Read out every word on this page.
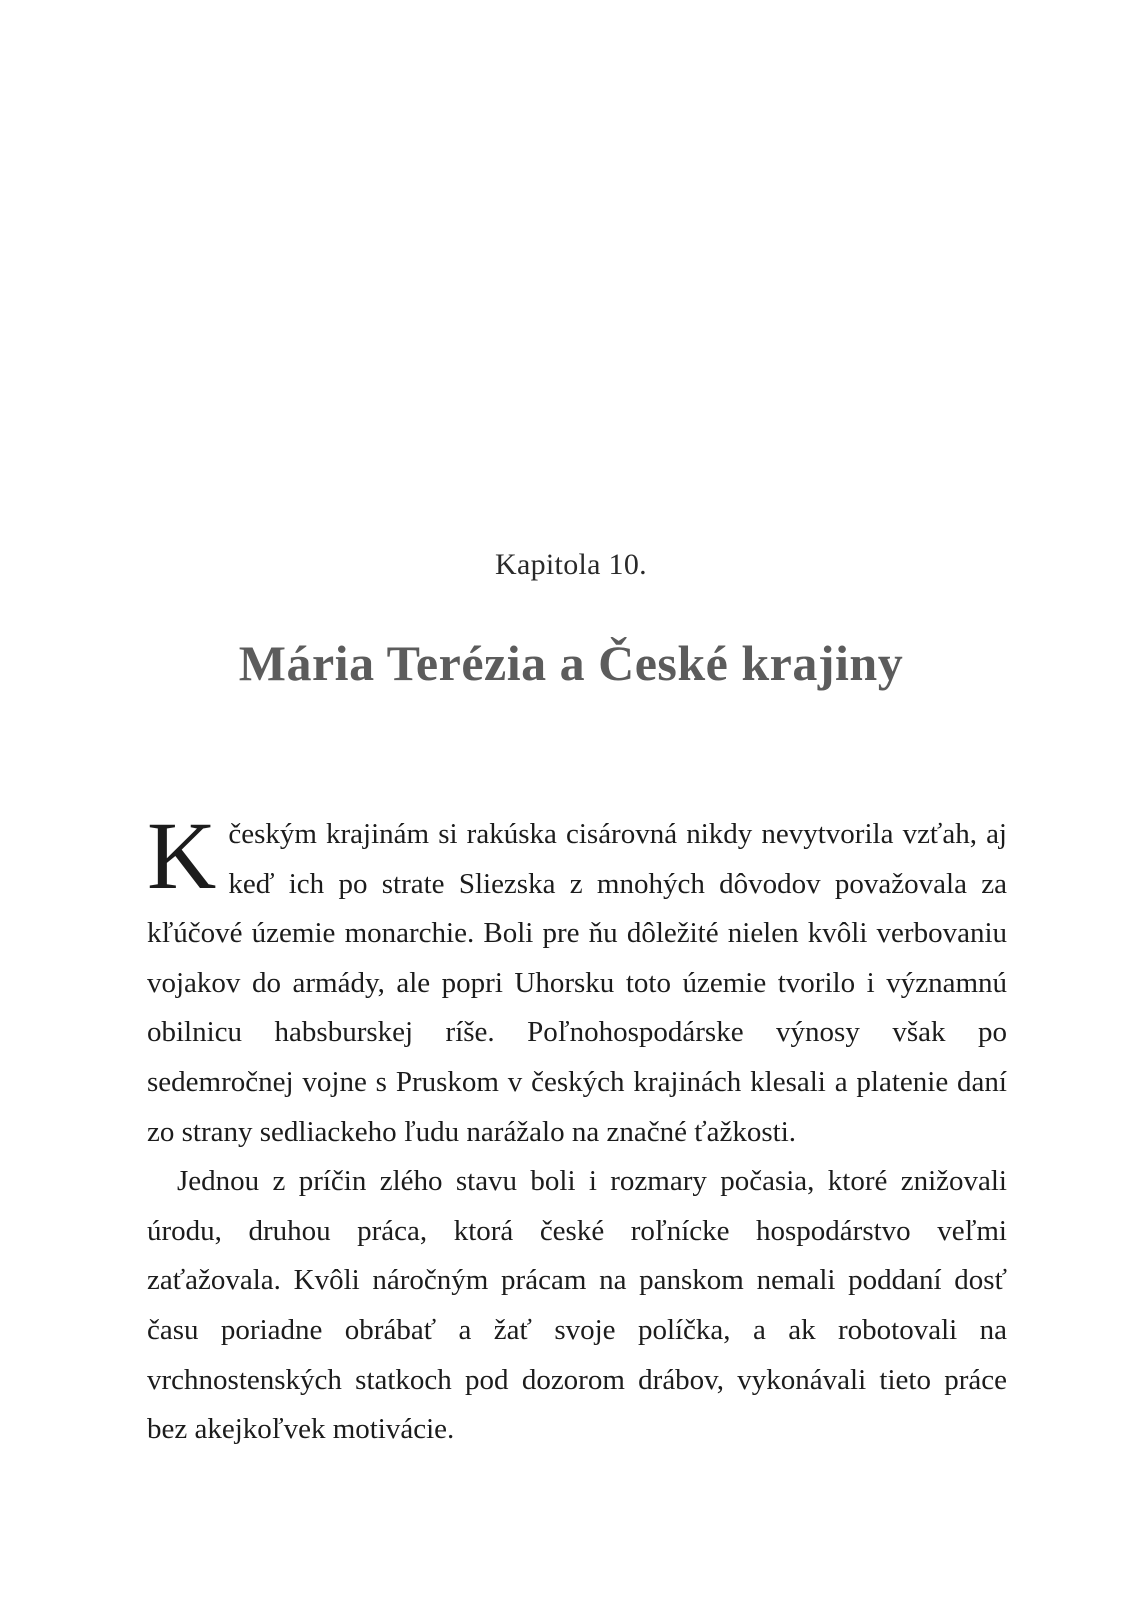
Kapitola 10.
Mária Terézia a České krajiny

Kčeským krajinám si rakúska cisárovná nikdy nevytvorila vzťah, aj keď ich po strate Sliezska z mnohých dôvodov považovala za kľúčové územie monarchie. Boli pre ňu dôležité nielen kvôli verbovaniu vojakov do armády, ale popri Uhorsku toto územie tvorilo i významnú obilnicu habsburskej ríše. Poľnohospodárske výnosy však po sedemročnej vojne s Pruskom v českých krajinách klesali a platenie daní zo strany sedliackeho ľudu narážalo na značné ťažkosti.

Jednou z príčin zlého stavu boli i rozmary počasia, ktoré znižovali úrodu, druhou práca, ktorá české roľnícke hospodárstvo veľmi zaťažovala. Kvôli náročným prácam na panskom nemali poddaní dosť času poriadne obrábať a žať svoje políčka, a ak robotovali na vrchnostenských statkoch pod dozorom drábov, vykonávali tieto práce bez akejkoľvek motivácie.
